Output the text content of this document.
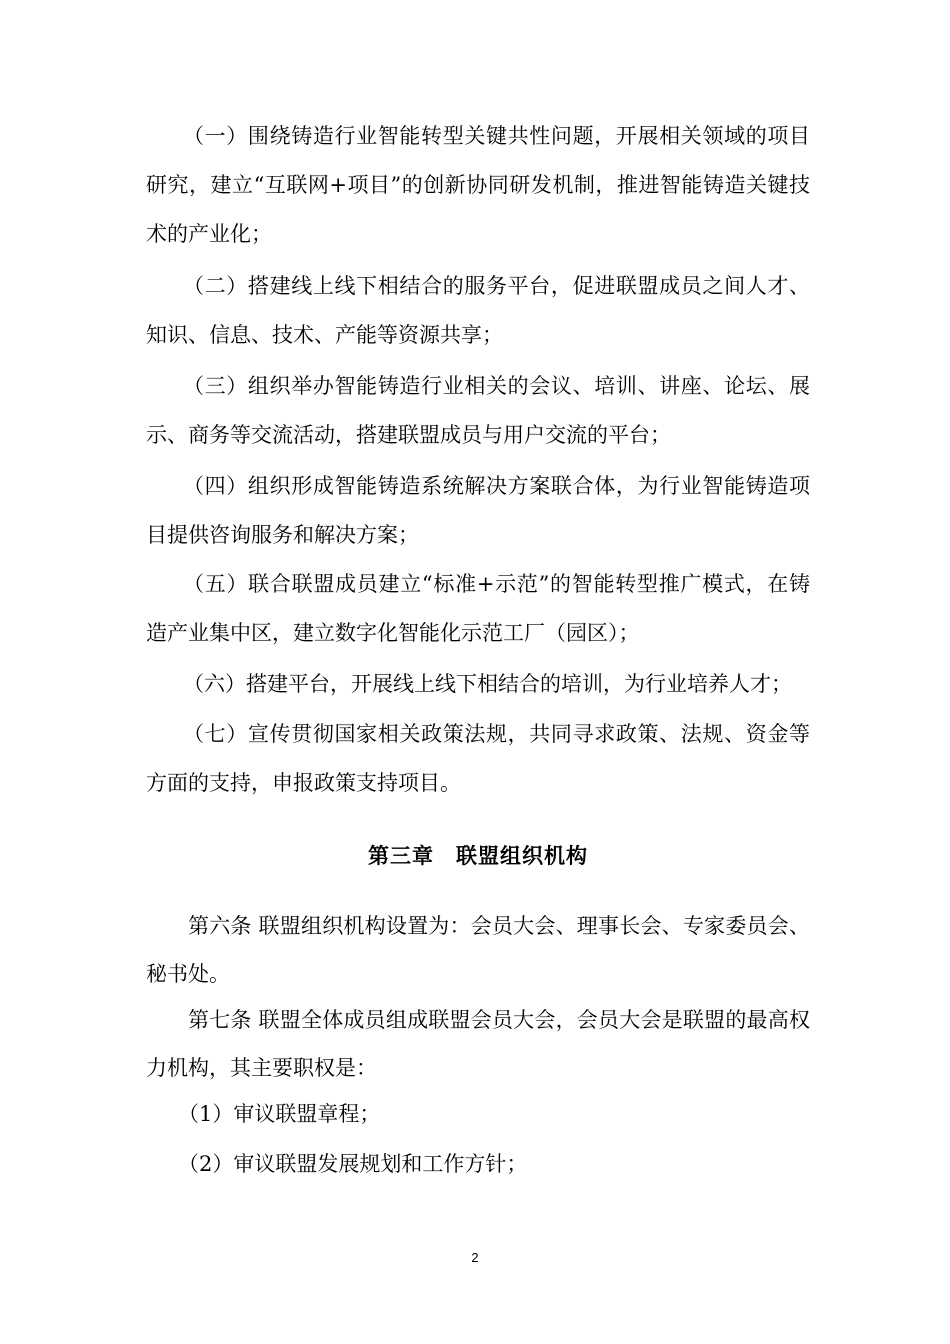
（一）围绕铸造行业智能转型关键共性问题，开展相关领域的项目研究，建立“互联网+项目”的创新协同研发机制，推进智能铸造关键技术的产业化；

（二）搭建线上线下相结合的服务平台，促进联盟成员之间人才、知识、信息、技术、产能等资源共享；

（三）组织举办智能铸造行业相关的会议、培训、讲座、论坛、展示、商务等交流活动，搭建联盟成员与用户交流的平台；

（四）组织形成智能铸造系统解决方案联合体，为行业智能铸造项目提供咨询服务和解决方案；

（五）联合联盟成员建立“标准+示范”的智能转型推广模式，在铸造产业集中区，建立数字化智能化示范工厂（园区）；

（六）搭建平台，开展线上线下相结合的培训，为行业培养人才；

（七）宣传贯彻国家相关政策法规，共同寻求政策、法规、资金等方面的支持，申报政策支持项目。

第三章　联盟组织机构

第六条 联盟组织机构设置为：会员大会、理事长会、专家委员会、秘书处。

第七条 联盟全体成员组成联盟会员大会，会员大会是联盟的最高权力机构，其主要职权是：

（1）审议联盟章程；

（2）审议联盟发展规划和工作方针；

2
